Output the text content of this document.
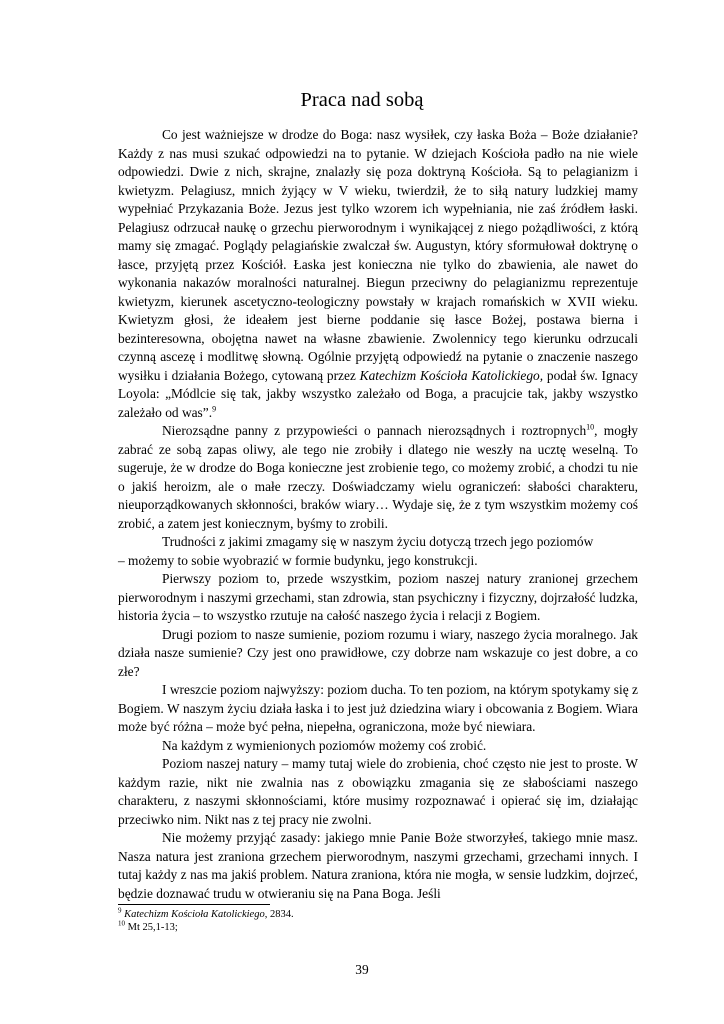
Praca nad sobą

Co jest ważniejsze w drodze do Boga: nasz wysiłek, czy łaska Boża – Boże działanie? Każdy z nas musi szukać odpowiedzi na to pytanie. W dziejach Kościoła padło na nie wiele odpowiedzi. Dwie z nich, skrajne, znalazły się poza doktryną Kościoła. Są to pelagianizm i kwietyzm. Pelagiusz, mnich żyjący w V wieku, twierdził, że to siłą natury ludzkiej mamy wypełniać Przykazania Boże. Jezus jest tylko wzorem ich wypełniania, nie zaś źródłem łaski. Pelagiusz odrzucał naukę o grzechu pierworodnym i wynikającej z niego pożądliwości, z którą mamy się zmagać. Poglądy pelagiańskie zwalczał św. Augustyn, który sformułował doktrynę o łasce, przyjętą przez Kościół. Łaska jest konieczna nie tylko do zbawienia, ale nawet do wykonania nakazów moralności naturalnej. Biegun przeciwny do pelagianizmu reprezentuje kwietyzm, kierunek ascetyczno-teologiczny powstały w krajach romańskich w XVII wieku. Kwietyzm głosi, że ideałem jest bierne poddanie się łasce Bożej, postawa bierna i bezinteresowna, obojętna nawet na własne zbawienie. Zwolennicy tego kierunku odrzucali czynną ascezę i modlitwę słowną. Ogólnie przyjętą odpowiedź na pytanie o znaczenie naszego wysiłku i działania Bożego, cytowaną przez Katechizm Kościoła Katolickiego, podał św. Ignacy Loyola: „Módlcie się tak, jakby wszystko zależało od Boga, a pracujcie tak, jakby wszystko zależało od was”.$^9$

Nierozsądne panny z przypowieści o pannach nierozsądnych i roztropnych$^{10}$, mogły zabrać ze sobą zapas oliwy, ale tego nie zrobiły i dlatego nie weszły na ucztę weselną. To sugeruje, że w drodze do Boga konieczne jest zrobienie tego, co możemy zrobić, a chodzi tu nie o jakiś heroizm, ale o małe rzeczy. Doświadczamy wielu ograniczeń: słabości charakteru, nieuporządkowanych skłonności, braków wiary… Wydaje się, że z tym wszystkim możemy coś zrobić, a zatem jest koniecznym, byśmy to zrobili.

Trudności z jakimi zmagamy się w naszym życiu dotyczą trzech jego poziomów

– możemy to sobie wyobrazić w formie budynku, jego konstrukcji.

Pierwszy poziom to, przede wszystkim, poziom naszej natury zranionej grzechem pierworodnym i naszymi grzechami, stan zdrowia, stan psychiczny i fizyczny, dojrzałość ludzka, historia życia – to wszystko rzutuje na całość naszego życia i relacji z Bogiem.

Drugi poziom to nasze sumienie, poziom rozumu i wiary, naszego życia moralnego. Jak działa nasze sumienie? Czy jest ono prawidłowe, czy dobrze nam wskazuje co jest dobre, a co złe?

I wreszcie poziom najwyższy: poziom ducha. To ten poziom, na którym spotykamy się z Bogiem. W naszym życiu działa łaska i to jest już dziedzina wiary i obcowania z Bogiem. Wiara może być różna – może być pełna, niepełna, ograniczona, może być niewiara.

Na każdym z wymienionych poziomów możemy coś zrobić.

Poziom naszej natury – mamy tutaj wiele do zrobienia, choć często nie jest to proste. W każdym razie, nikt nie zwalnia nas z obowiązku zmagania się ze słabościami naszego charakteru, z naszymi skłonnościami, które musimy rozpoznawać i opierać się im, działając przeciwko nim. Nikt nas z tej pracy nie zwolni.

Nie możemy przyjąć zasady: jakiego mnie Panie Boże stworzyłeś, takiego mnie masz. Nasza natura jest zraniona grzechem pierworodnym, naszymi grzechami, grzechami innych. I tutaj każdy z nas ma jakiś problem. Natura zraniona, która nie mogła, w sensie ludzkim, dojrzeć, będzie doznawać trudu w otwieraniu się na Pana Boga. Jeśli

$^9$ Katechizm Kościoła Katolickiego, 2834.

$^{10}$ Mt 25,1-13;

39
